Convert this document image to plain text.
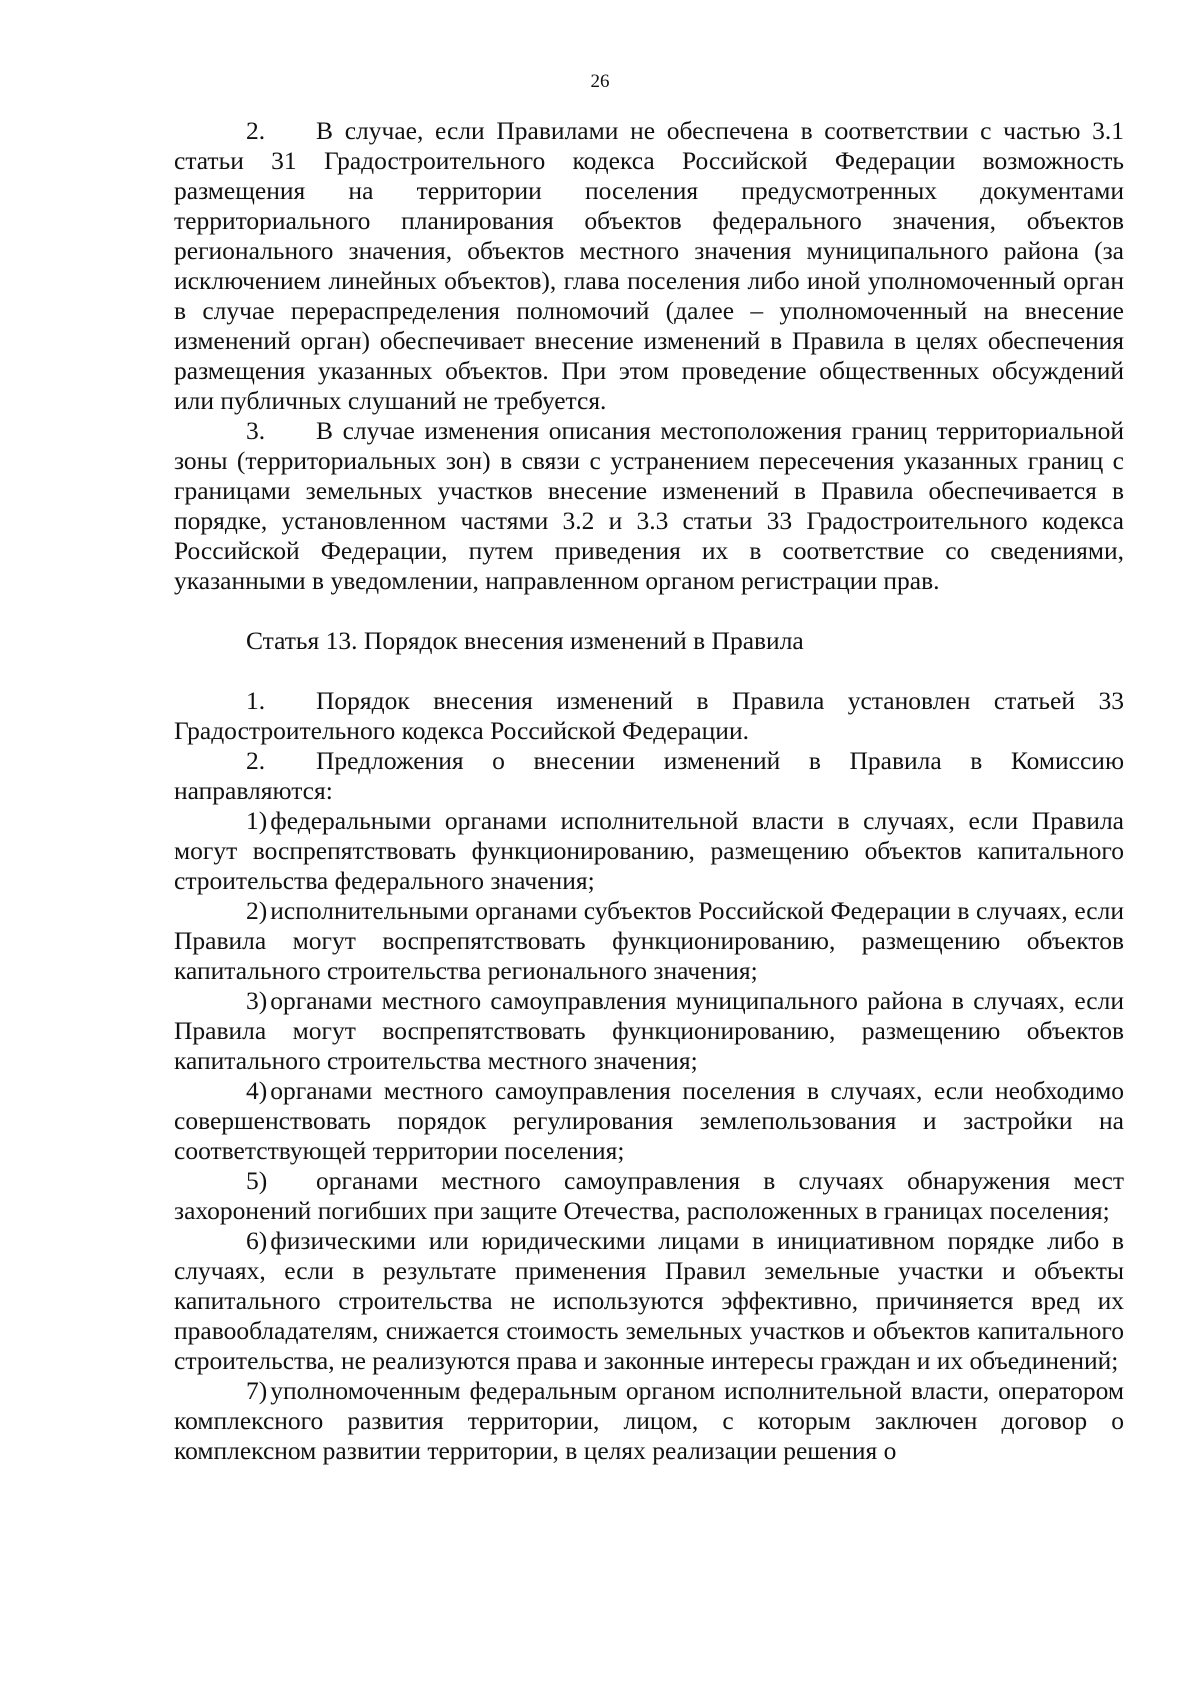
26

2. В случае, если Правилами не обеспечена в соответствии с частью 3.1 статьи 31 Градостроительного кодекса Российской Федерации возможность размещения на территории поселения предусмотренных документами территориального планирования объектов федерального значения, объектов регионального значения, объектов местного значения муниципального района (за исключением линейных объектов), глава поселения либо иной уполномоченный орган в случае перераспределения полномочий (далее – уполномоченный на внесение изменений орган) обеспечивает внесение изменений в Правила в целях обеспечения размещения указанных объектов. При этом проведение общественных обсуждений или публичных слушаний не требуется.

3. В случае изменения описания местоположения границ территориальной зоны (территориальных зон) в связи с устранением пересечения указанных границ с границами земельных участков внесение изменений в Правила обеспечивается в порядке, установленном частями 3.2 и 3.3 статьи 33 Градостроительного кодекса Российской Федерации, путем приведения их в соответствие со сведениями, указанными в уведомлении, направленном органом регистрации прав.

Статья 13. Порядок внесения изменений в Правила

1. Порядок внесения изменений в Правила установлен статьей 33 Градостроительного кодекса Российской Федерации.

2. Предложения о внесении изменений в Правила в Комиссию направляются:

1) федеральными органами исполнительной власти в случаях, если Правила могут воспрепятствовать функционированию, размещению объектов капитального строительства федерального значения;

2) исполнительными органами субъектов Российской Федерации в случаях, если Правила могут воспрепятствовать функционированию, размещению объектов капитального строительства регионального значения;

3) органами местного самоуправления муниципального района в случаях, если Правила могут воспрепятствовать функционированию, размещению объектов капитального строительства местного значения;

4) органами местного самоуправления поселения в случаях, если необходимо совершенствовать порядок регулирования землепользования и застройки на соответствующей территории поселения;

5) органами местного самоуправления в случаях обнаружения мест захоронений погибших при защите Отечества, расположенных в границах поселения;

6) физическими или юридическими лицами в инициативном порядке либо в случаях, если в результате применения Правил земельные участки и объекты капитального строительства не используются эффективно, причиняется вред их правообладателям, снижается стоимость земельных участков и объектов капитального строительства, не реализуются права и законные интересы граждан и их объединений;

7) уполномоченным федеральным органом исполнительной власти, оператором комплексного развития территории, лицом, с которым заключен договор о комплексном развитии территории, в целях реализации решения о
